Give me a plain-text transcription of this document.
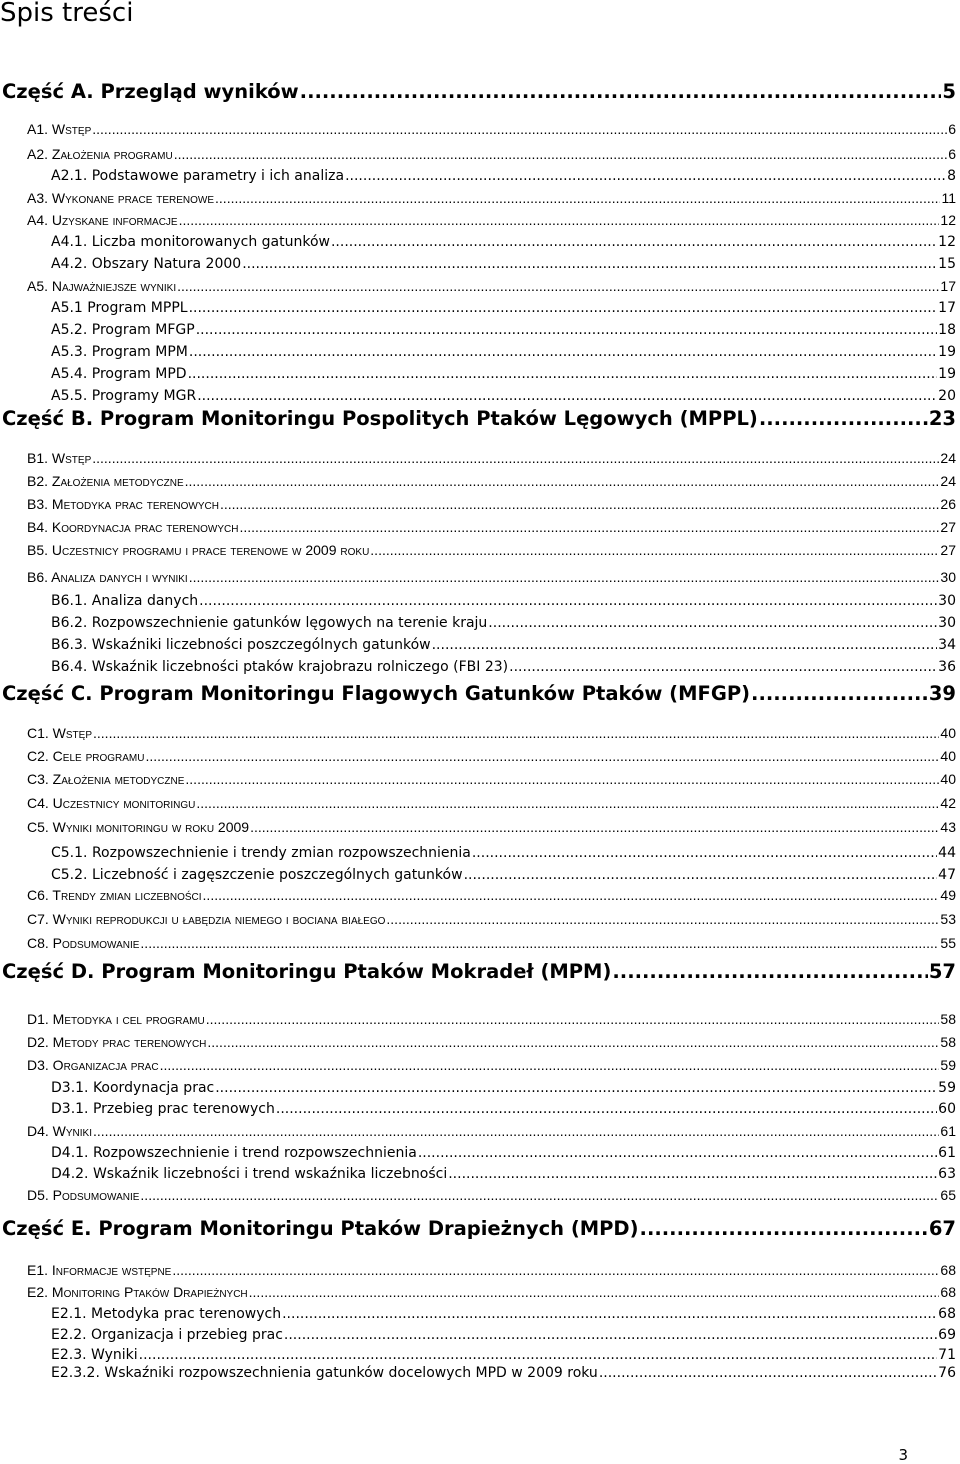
Spis treści
Część A. Przegląd wyników .....	5
A1. Wstęp .....	6
A2. Założenia programu .....	6
A2.1. Podstawowe parametry i ich analiza .....	8
A3. Wykonane prace terenowe .....	11
A4. Uzyskane informacje .....	12
A4.1. Liczba monitorowanych gatunków .....	12
A4.2. Obszary Natura 2000 .....	15
A5. Najważniejsze wyniki .....	17
A5.1 Program MPPL .....	17
A5.2. Program MFGP .....	18
A5.3. Program MPM .....	19
A5.4. Program MPD .....	19
A5.5. Programy MGR .....	20
Część B. Program Monitoringu Pospolitych Ptaków Lęgowych (MPPL) .....	23
B1. Wstęp .....	24
B2. Założenia metodyczne .....	24
B3. Metodyka prac terenowych .....	26
B4. Koordynacja prac terenowych .....	27
B5. Uczestnicy programu i prace terenowe w 2009 roku .....	27
B6. Analiza danych i wyniki .....	30
B6.1. Analiza danych .....	30
B6.2. Rozpowszechnienie gatunków lęgowych na terenie kraju .....	30
B6.3. Wskaźniki liczebności poszczególnych gatunków .....	34
B6.4. Wskaźnik liczebności ptaków krajobrazu rolniczego (FBI 23) .....	36
Część C. Program Monitoringu Flagowych Gatunków Ptaków (MFGP) .....	39
C1. Wstęp .....	40
C2. Cele programu .....	40
C3. Założenia metodyczne .....	40
C4. Uczestnicy monitoringu .....	42
C5. Wyniki monitoringu w roku 2009 .....	43
C5.1. Rozpowszechnienie i trendy zmian rozpowszechnienia .....	44
C5.2. Liczebność i zagęszczenie poszczególnych gatunków .....	47
C6. Trendy zmian liczebności .....	49
C7. Wyniki reprodukcji u łabędzia niemego i bociana białego .....	53
C8. Podsumowanie .....	55
Część D. Program Monitoringu Ptaków Mokradeł (MPM) .....	57
D1. Metodyka i cel programu .....	58
D2. Metody prac terenowych .....	58
D3. Organizacja prac .....	59
D3.1. Koordynacja prac .....	59
D3.1. Przebieg prac terenowych .....	60
D4. Wyniki .....	61
D4.1. Rozpowszechnienie i trend rozpowszechnienia .....	61
D4.2. Wskaźnik liczebności i trend wskaźnika liczebności .....	63
D5. Podsumowanie .....	65
Część E. Program Monitoringu Ptaków Drapieżnych (MPD) .....	67
E1. Informacje wstępne .....	68
E2. Monitoring Ptaków Drapieżnych .....	68
E2.1. Metodyka prac terenowych .....	68
E2.2. Organizacja i przebieg prac .....	69
E2.3. Wyniki .....	71
E2.3.2. Wskaźniki rozpowszechnienia gatunków docelowych MPD w 2009 roku .....	76
3
